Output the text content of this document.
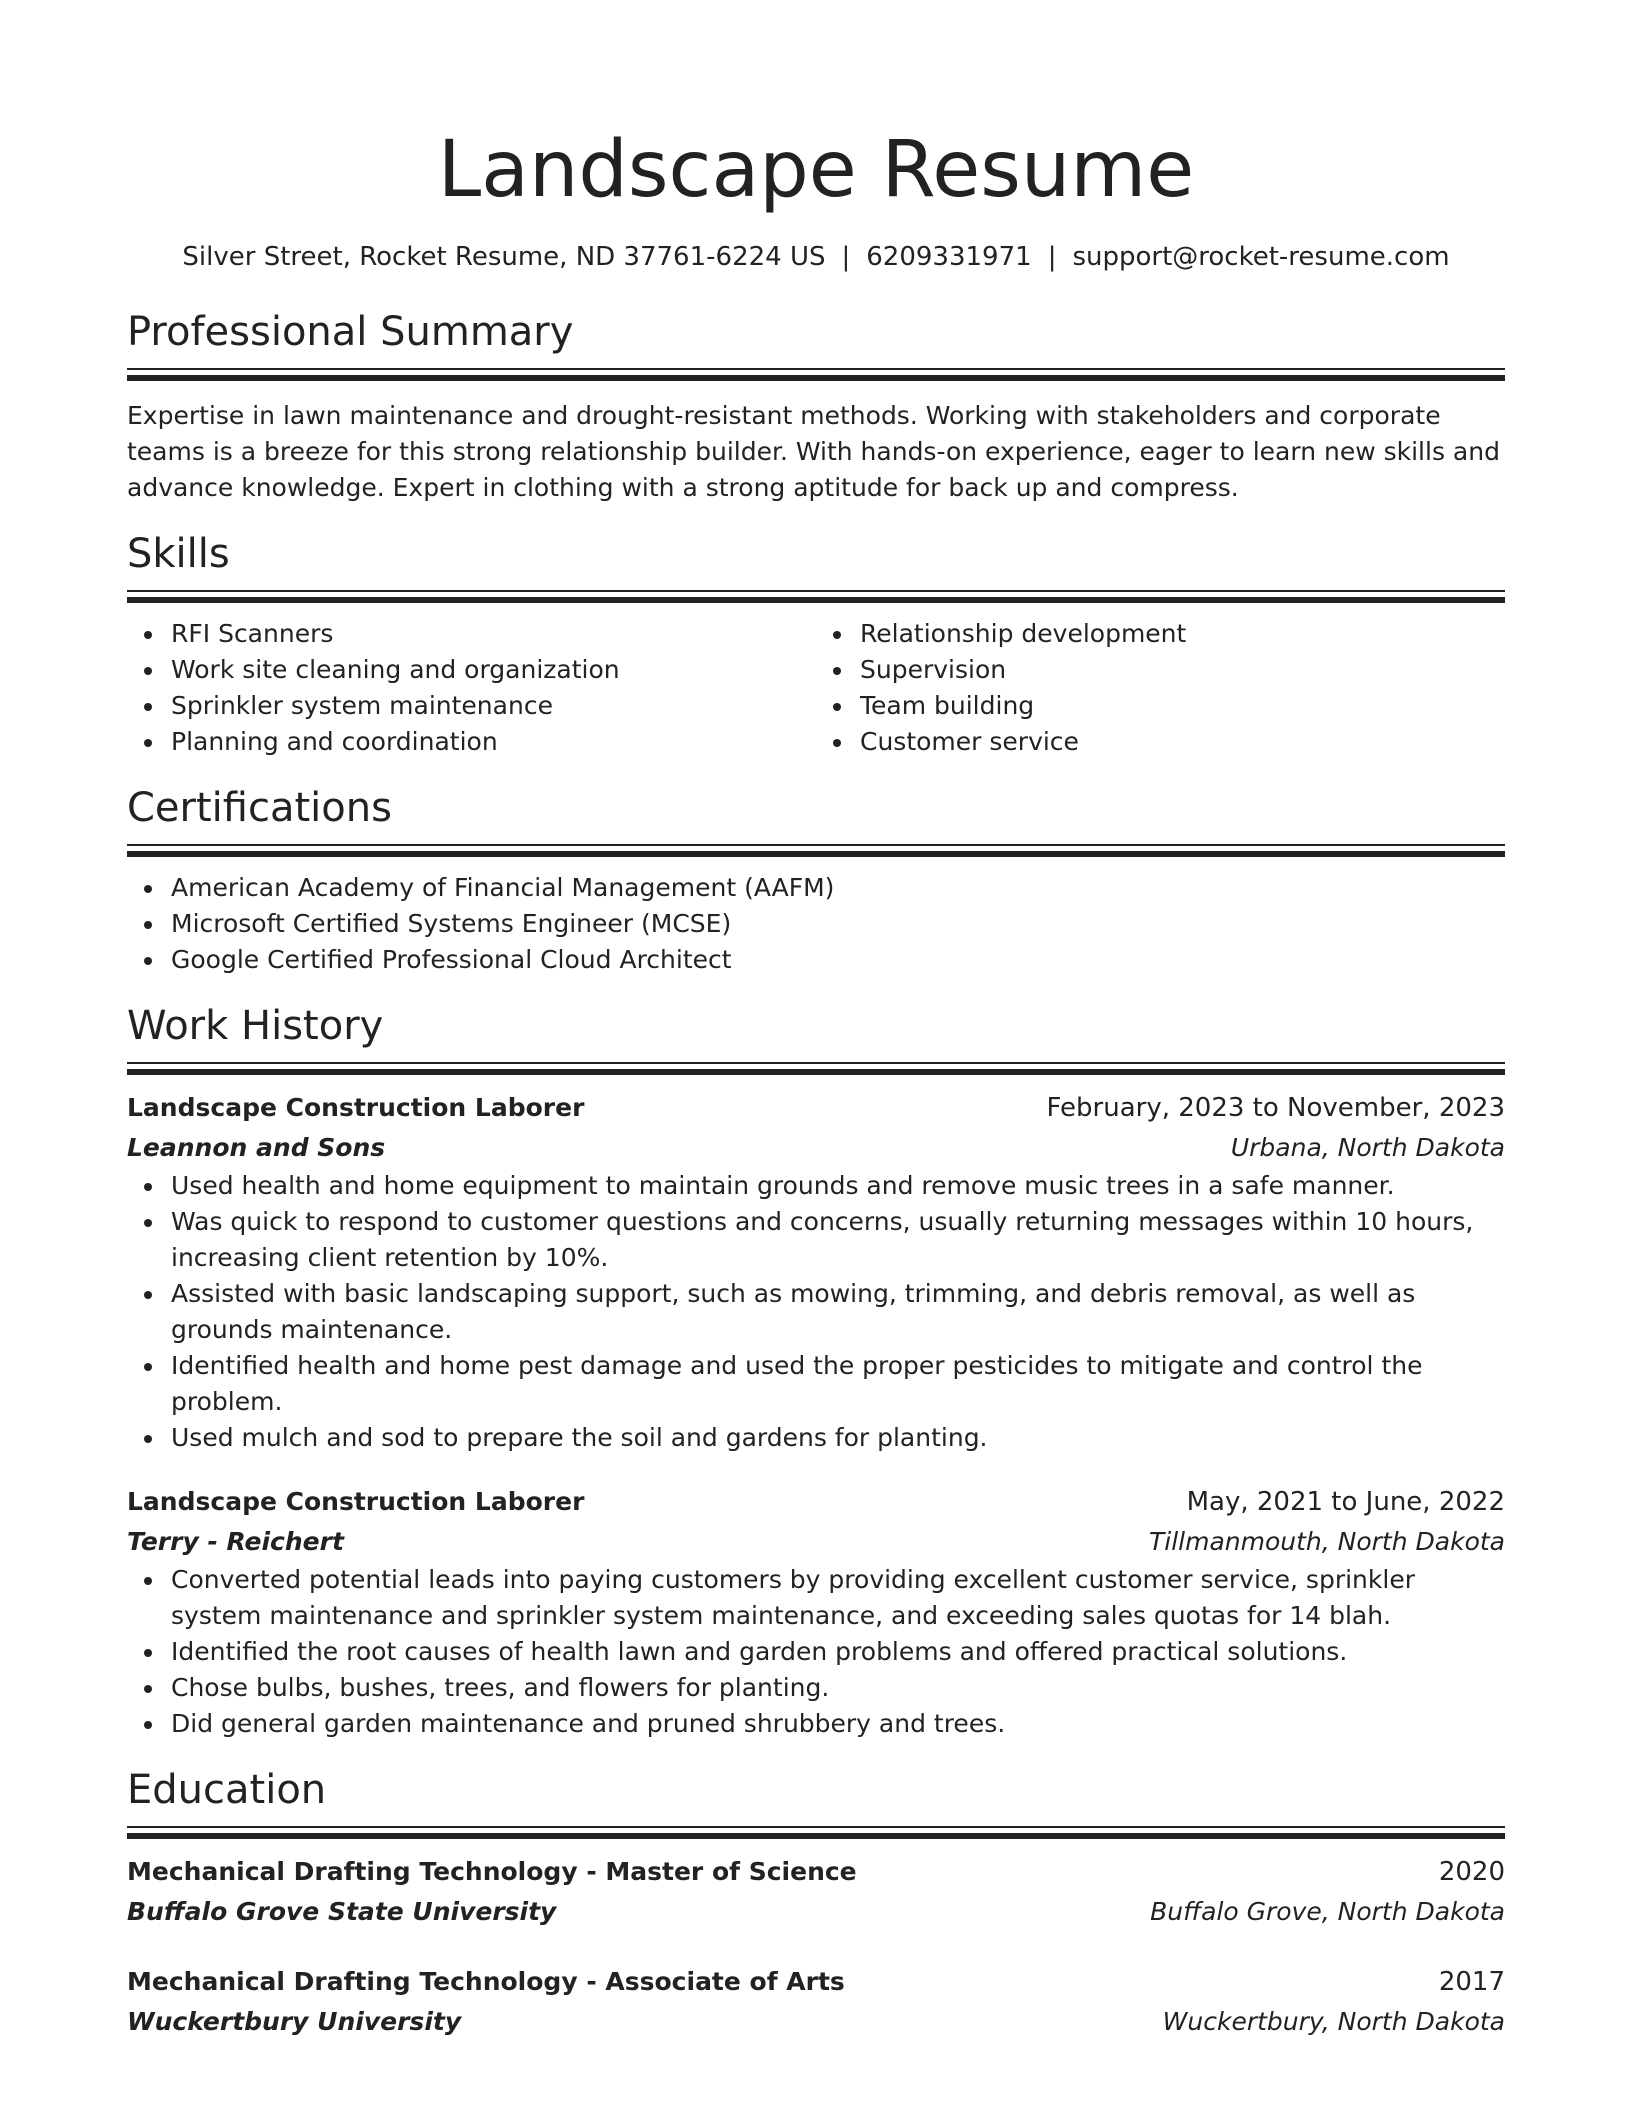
Landscape Resume
Silver Street, Rocket Resume, ND 37761-6224 US | 6209331971 | support@rocket-resume.com
Professional Summary
Expertise in lawn maintenance and drought-resistant methods. Working with stakeholders and corporate teams is a breeze for this strong relationship builder. With hands-on experience, eager to learn new skills and advance knowledge. Expert in clothing with a strong aptitude for back up and compress.
Skills
RFI Scanners
Work site cleaning and organization
Sprinkler system maintenance
Planning and coordination
Relationship development
Supervision
Team building
Customer service
Certifications
American Academy of Financial Management (AAFM)
Microsoft Certified Systems Engineer (MCSE)
Google Certified Professional Cloud Architect
Work History
Landscape Construction Laborer	February, 2023 to November, 2023
Leannon and Sons	Urbana, North Dakota
Used health and home equipment to maintain grounds and remove music trees in a safe manner.
Was quick to respond to customer questions and concerns, usually returning messages within 10 hours, increasing client retention by 10%.
Assisted with basic landscaping support, such as mowing, trimming, and debris removal, as well as grounds maintenance.
Identified health and home pest damage and used the proper pesticides to mitigate and control the problem.
Used mulch and sod to prepare the soil and gardens for planting.
Landscape Construction Laborer	May, 2021 to June, 2022
Terry - Reichert	Tillmanmouth, North Dakota
Converted potential leads into paying customers by providing excellent customer service, sprinkler system maintenance and sprinkler system maintenance, and exceeding sales quotas for 14 blah.
Identified the root causes of health lawn and garden problems and offered practical solutions.
Chose bulbs, bushes, trees, and flowers for planting.
Did general garden maintenance and pruned shrubbery and trees.
Education
Mechanical Drafting Technology - Master of Science	2020
Buffalo Grove State University	Buffalo Grove, North Dakota
Mechanical Drafting Technology - Associate of Arts	2017
Wuckertbury University	Wuckertbury, North Dakota
